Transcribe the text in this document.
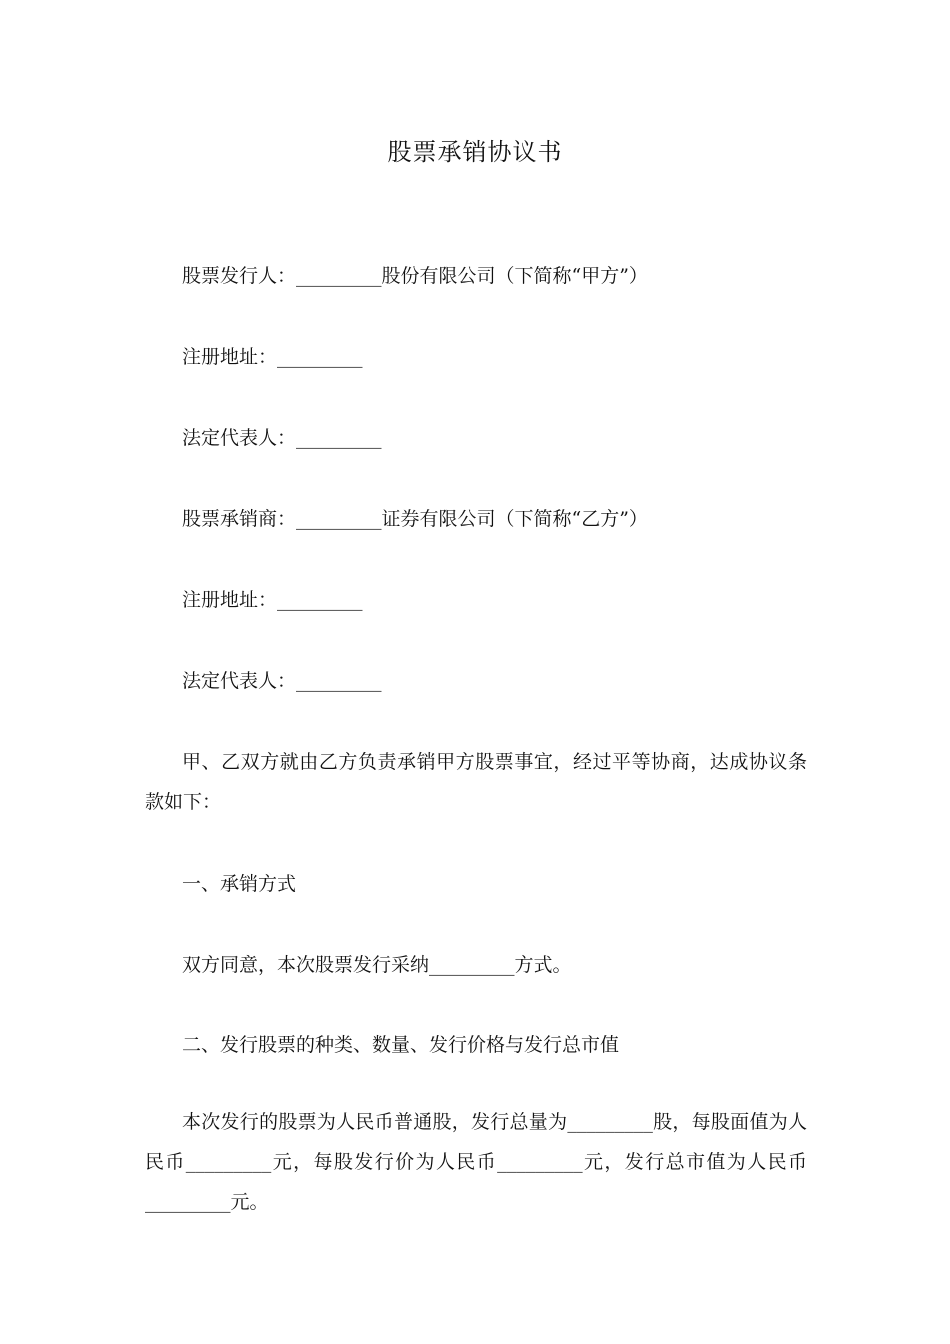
股票承销协议书
股票发行人：_________股份有限公司（下简称“甲方”）
注册地址：_________
法定代表人：_________
股票承销商：_________证券有限公司（下简称“乙方”）
注册地址：_________
法定代表人：_________
甲、乙双方就由乙方负责承销甲方股票事宜，经过平等协商，达成协议条款如下：
一、承销方式
双方同意，本次股票发行采纳_________方式。
二、发行股票的种类、数量、发行价格与发行总市值
本次发行的股票为人民币普通股，发行总量为_________股，每股面值为人民币_________元，每股发行价为人民币_________元，发行总市值为人民币_________元。
